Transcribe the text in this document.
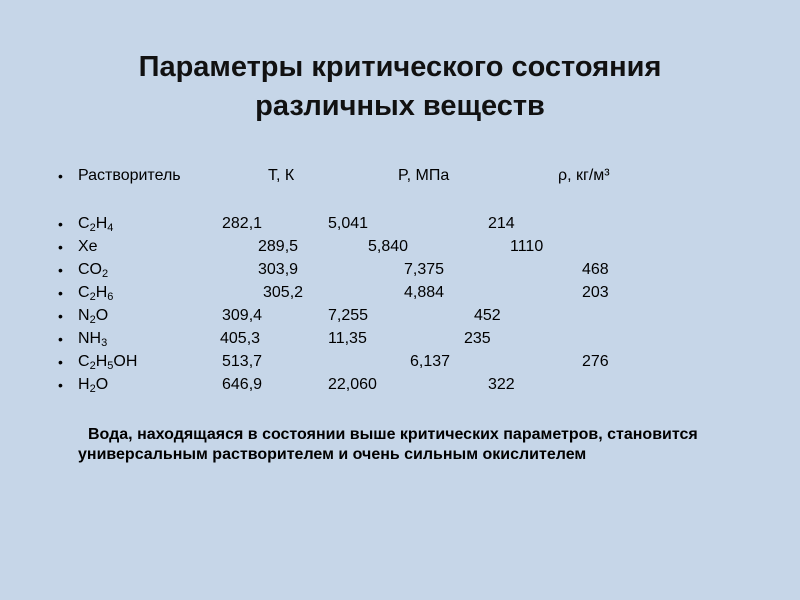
Параметры критического состояния
различных веществ
• Растворитель	T, К	P, МПа	ρ, кг/м³
• $C_2H_4$	282,1	5,041	214
• Xe	289,5	5,840	1110
• $CO_2$	303,9	7,375	468
• $C_2H_6$	305,2	4,884	203
• $N_2O$	309,4	7,255	452
• $NH_3$	405,3	11,35	235
• $C_2H_5OH$	513,7	6,137	276
• $H_2O$	646,9	22,060	322
Вода, находящаяся в состоянии выше критических параметров, становится универсальным растворителем и очень сильным окислителем
